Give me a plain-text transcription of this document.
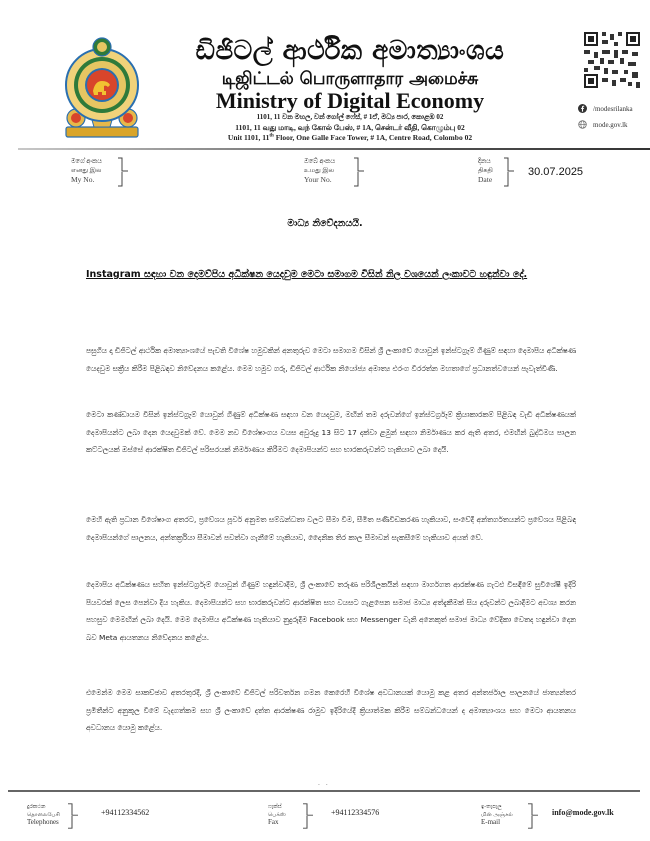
ඩිජිටල් ආර්ථික අමාත්‍යාංශය
டிஜிட்டல் பொருளாதார அமைச்சு
Ministry of Digital Economy
1101, 11 වන මහල, වන් ගෝල් ෆේස්, # 1ඒ, මධ්‍ය පාර, කොළඹ 02
1101, 11 வது மாடி, வந் கோல் பேஸ், # 1A, சென்டர் வீதி, கொழும்பு 02
Unit 1101, 11th Floor, One Galle Face Tower, # 1A, Centre Road, Colombo 02
/modesrilanka
mode.gov.lk
මගේ අංකය
எனது இல
My No.
ඔබේ අංකය
உமது இல
Your No.
දිනය
திகதி
Date
30.07.2025
මාධ්‍ය නිවේදනයයි.
Instagram සඳහා වන දෙමව්පිය අධීක්ෂන යෙදවුම මෙටා සමාගම විසින් නිල වශයෙන් ලංකාවට හඳුන්වා දේ.
පසුගිය දා ඩිජිටල් ආර්ථික අමාත්‍යාංශයේ පැවති විශේෂ හමුවකින් අනතුරුව මෙටා සමාගම විසින් ශ්‍රී ලංකාවේ යොවුන් ඉන්ස්ටග්‍රෑම් ගිණුම් සඳහා දෙමාපිය අධීක්ෂණ යෙදවුම සක්‍රීය කිරීම පිළිබඳව නිවේදනය කළේය. මෙම හමුව ගරු, ඩිජිටල් ආර්ථික නියෝජ්‍ය අමාත්‍ය එරංග වීරරත්න මහතාගේ ප්‍රධානත්වයෙන් පැවැත්විණි.
මෙටා කණ්ඩායම විසින් ඉන්ස්ටග්‍රෑම් යොවුන් ගිණුම් අධීක්ෂණ සඳහා වන යෙදවුම, මඟින් තම දරුවන්ගේ ඉන්ස්ටර්ග්‍රෑම් ක්‍රියාකාරකම් පිළිබඳ වැඩි අධීක්ෂණයක් දෙමාපියන්ට ලබා දෙන යෙදවුමක් වේ. මෙම නව විශේෂාංගය වයස අවුරුදු 13 සිට 17 දක්වා ළමුන් සඳහා නිර්මාණය කර ඇති අතර, එමඟින් බුද්ධිමය පාලන කට්ටලයක් ඔස්සේ ආරක්ෂිත ඩිජිටල් පරිසරයක් නිර්මාණය කිරීමට දෙමාපියන්ට සහ භාරකරුවන්ට හැකියාව ලබා දෙයි.
මෙහි ඇති ප්‍රධාන විශේෂාංග අතරට, ප්‍රවේශය පූර්ව අනුමත සම්බන්ධතා වලට සීමා වීම, සීමිත පණිවිඩකරණ හැකියාව, සංවේදී අන්තර්ගතයන්ට ප්‍රවේශය පිළිබඳ දෙමාපියන්ගේ පාලනය, අන්තර්ක්‍රියා සීමාවන් පවත්වා ගැනීමේ හැකියාව, දෛනික තිර කාල සීමාවන් සැකසීමේ හැකියාව අයත් වේ.
දෙමාපිය අධීක්ෂණය සහිත ඉන්ස්ටර්ග්‍රෑම් යොවුන් ගිණුම් හඳුන්වාදීම, ශ්‍රී ලංකාවේ තරුණ පරිශීලකයින් සඳහා මාර්ගගත ආරක්ෂණ ගැටළු විසඳීමේ සුවිශේෂී ඉදිරි පියවරක් ලෙස පෙන්වා දිය හැකිය. දෙමාපියන්ට සහ භාරකරුවන්ට ආරක්ෂිත සහ වයසට ගැළපෙන සමාජ මාධ්‍ය අත්දැකීමක් සිය දරුවන්ට ලබාදීමට අවශ්‍ය කරන පහසුව මෙමඟින් ලබා දෙයි. මෙම දෙමාපිය අධීක්ෂණ හැකියාව නුදුරුදීම Facebook සහ Messenger වැනි අනෙකුත් සමාජ මාධ්‍ය වේදිකා වෙතද හඳුන්වා දෙන බව Meta ආයතනය නිවේදනය කළේය.
එමෙන්ම මෙම සාකච්ඡාව අතරතුරදී, ශ්‍රී ලංකාවේ ඩිජිටල් පරිවර්තන ගමන කෙරෙහි විශේෂ අවධානයක් යොමු කළ අතර අන්තර්ජාල පාලනයේ ජාත්‍යන්තර ප්‍රමිතීන්ට අනුකූල වීමේ වැදගත්කම සහ ශ්‍රී ලංකාවේ දත්ත ආරක්ෂණ රාමුව ඉදිරියේදී ක්‍රියාත්මක කිරීම සම්බන්ධයෙන් ද අමාත්‍යාංශය සහ මෙටා ආයතනය අවධානය යොමු කළේය.
··
දුරකථන
தொலைபேசி
Telephones
+94112334562
ෆැක්ස්
பெக்ஸ்
Fax
+94112334576
ඉ-තැපෑල
மின் அஞ்சல்
E-mail
info@mode.gov.lk
